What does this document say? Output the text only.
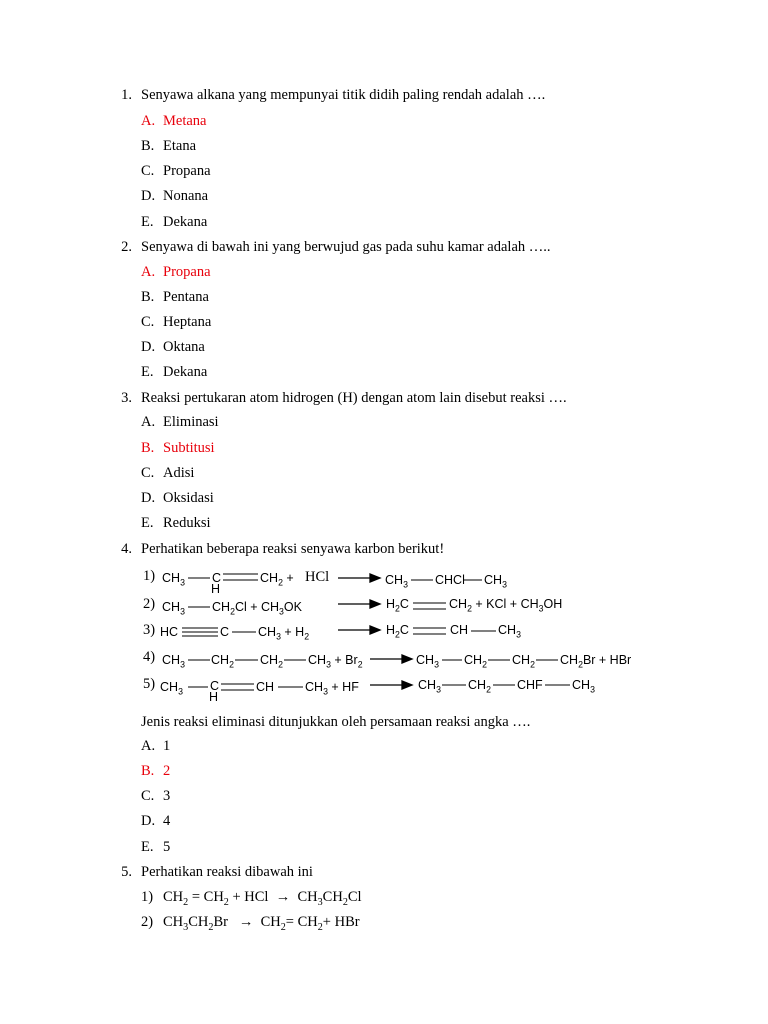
1. Senyawa alkana yang mempunyai titik didih paling rendah adalah ….
A. Metana
B. Etana
C. Propana
D. Nonana
E. Dekana
2. Senyawa di bawah ini yang berwujud gas pada suhu kamar adalah …..
A. Propana
B. Pentana
C. Heptana
D. Oktana
E. Dekana
3. Reaksi pertukaran atom hidrogen (H) dengan atom lain disebut reaksi ….
A. Eliminasi
B. Subtitusi
C. Adisi
D. Oksidasi
E. Reduksi
4. Perhatikan beberapa reaksi senyawa karbon berikut!
1) $CH_3$ C
H
$CH_2$ + HCl	$CH_3$ CHCl $CH_3$
2) $CH_3$ $CH_2Cl + CH_3OK$	$H_2C$	$CH_2$ + KCl + $CH_3OH$
3) HC	C $CH_3 + H_2$	$H_2C$	CH $CH_3$
4) $CH_3$ $CH_2$ $CH_2$ $CH_3 + Br_2$	$CH_3$ $CH_2$ $CH_2$ $CH_2Br$ + HBr
5) $CH_3$ C
H
CH $CH_3$ + HF	$CH_3$ $CH_2$ CHF $CH_3$
Jenis reaksi eliminasi ditunjukkan oleh persamaan reaksi angka ….
A. 1
B. 2
C. 3
D. 4
E. 5
5. Perhatikan reaksi dibawah ini
1) $CH_2 = CH_2$ + HCl  →  $CH_3CH_2Cl$
2) $CH_3CH_2Br \to CH_2= CH_2+$ HBr
